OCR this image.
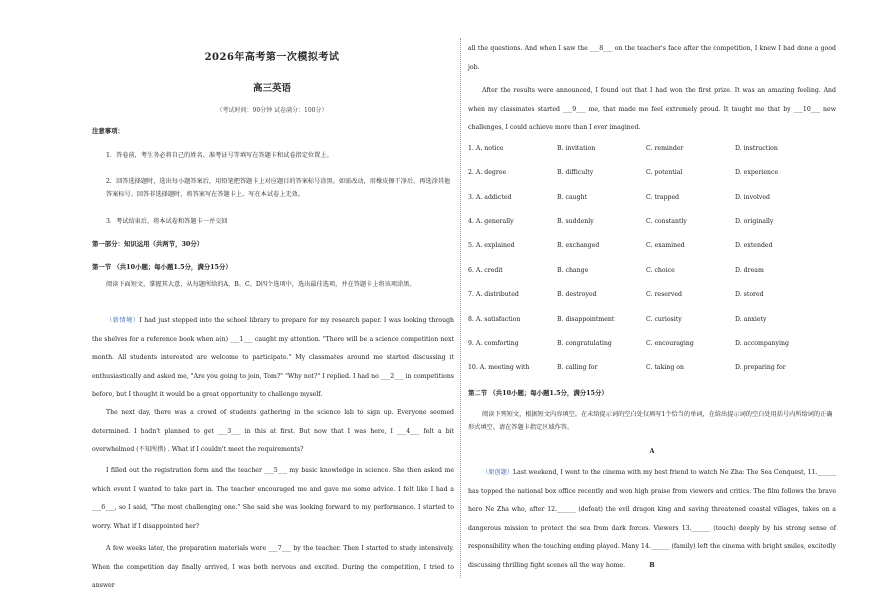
2026年高考第一次模拟考试
高三英语
（考试时间：90分钟 试卷满分：100分）
注意事项：
1．答卷前，考生务必将自己的姓名、准考证号等填写在答题卡和试卷指定位置上。
2．回答选择题时，选出每小题答案后，用铅笔把答题卡上对应题目的答案标号涂黑。如需改动，用橡皮擦干净后，再选涂其他答案标号。回答非选择题时，将答案写在答题卡上。写在本试卷上无效。
3．考试结束后，将本试卷和答题卡一并交回
第一部分：知识运用（共两节，30分）
第一节 （共10小题；每小题1.5分，满分15分）
阅读下面短文，掌握其大意，从每题所给的A、B、C、D四个选项中，选出最佳选项，并在答题卡上将该项涂黑。
（新情境）I had just stepped into the school library to prepare for my research paper. I was looking through the shelves for a reference book when a(n) ___1___ caught my attention. "There will be a science competition next month. All students interested are welcome to participate." My classmates around me started discussing it enthusiastically and asked me, "Are you going to join, Tom?" "Why not?" I replied. I had no ___2___ in competitions before, but I thought it would be a great opportunity to challenge myself.
The next day, there was a crowd of students gathering in the science lab to sign up. Everyone seemed determined. I hadn't planned to get ___3___ in this at first. But now that I was here, I ___4___ felt a bit overwhelmed (不知所措) . What if I couldn't meet the requirements?
I filled out the registration form and the teacher ___5___ my basic knowledge in science. She then asked me which event I wanted to take part in. The teacher encouraged me and gave me some advice. I felt like I had a ___6___, so I said, "The most challenging one." She said she was looking forward to my performance. I started to worry. What if I disappointed her?
A few weeks later, the preparation materials were ___7___ by the teacher. Then I started to study intensively. When the competition day finally arrived, I was both nervous and excited. During the competition, I tried to answer
all the questions. And when I saw the ___8___ on the teacher's face after the competition, I knew I had done a good job.
After the results were announced, I found out that I had won the first prize. It was an amazing feeling. And when my classmates started ___9___ me, that made me feel extremely proud. It taught me that by ___10___ new challenges, I could achieve more than I ever imagined.
1. A. notice	B. invitation	C. reminder	D. instruction
2. A. degree	B. difficulty	C. potential	D. experience
3. A. addicted	B. caught	C. trapped	D. involved
4. A. generally	B. suddenly	C. constantly	D. originally
5. A. explained	B. exchanged	C. examined	D. extended
6. A. credit	B. change	C. choice	D. dream
7. A. distributed	B. destroyed	C. reserved	D. stored
8. A. satisfaction	B. disappointment	C. curiosity	D. anxiety
9. A. comforting	B. congratulating	C. encouraging	D. accompanying
10. A. meeting with	B. calling for	C. taking on	D. preparing for
第二节 （共10小题；每小题1.5分，满分15分）
阅读下列短文，根据短文内容填空。在未给提示词的空白处仅填写1个恰当的单词，在给出提示词的空白处用括号内所给词的正确形式填空。请在答题卡指定区域作答。
A
（原创题）Last weekend, I went to the cinema with my best friend to watch Ne Zha: The Sea Conquest, 11.______ has topped the national box office recently and won high praise from viewers and critics. The film follows the brave hero Ne Zha who, after 12.______ (defeat) the evil dragon king and saving threatened coastal villages, takes on a dangerous mission to protect the sea from dark forces. Viewers 13.______ (touch) deeply by his strong sense of responsibility when the touching ending played. Many 14.______ (family) left the cinema with bright smiles, excitedly discussing thrilling fight scenes all the way home.	B
